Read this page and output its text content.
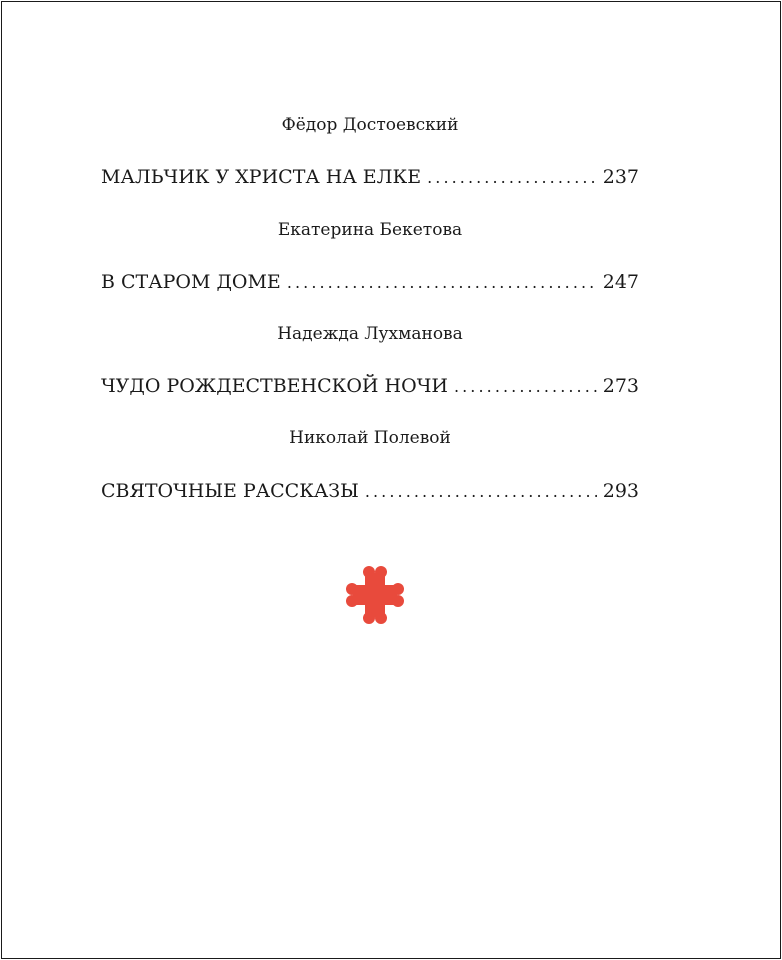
Фёдор Достоевский
МАЛЬЧИК У ХРИСТА НА ЕЛКЕ . . .	237
Екатерина Бекетова
В СТАРОМ ДОМЕ . . .	247
Надежда Лухманова
ЧУДО РОЖДЕСТВЕНСКОЙ НОЧИ . . .	273
Николай Полевой
СВЯТОЧНЫЕ РАССКАЗЫ . . .	293
